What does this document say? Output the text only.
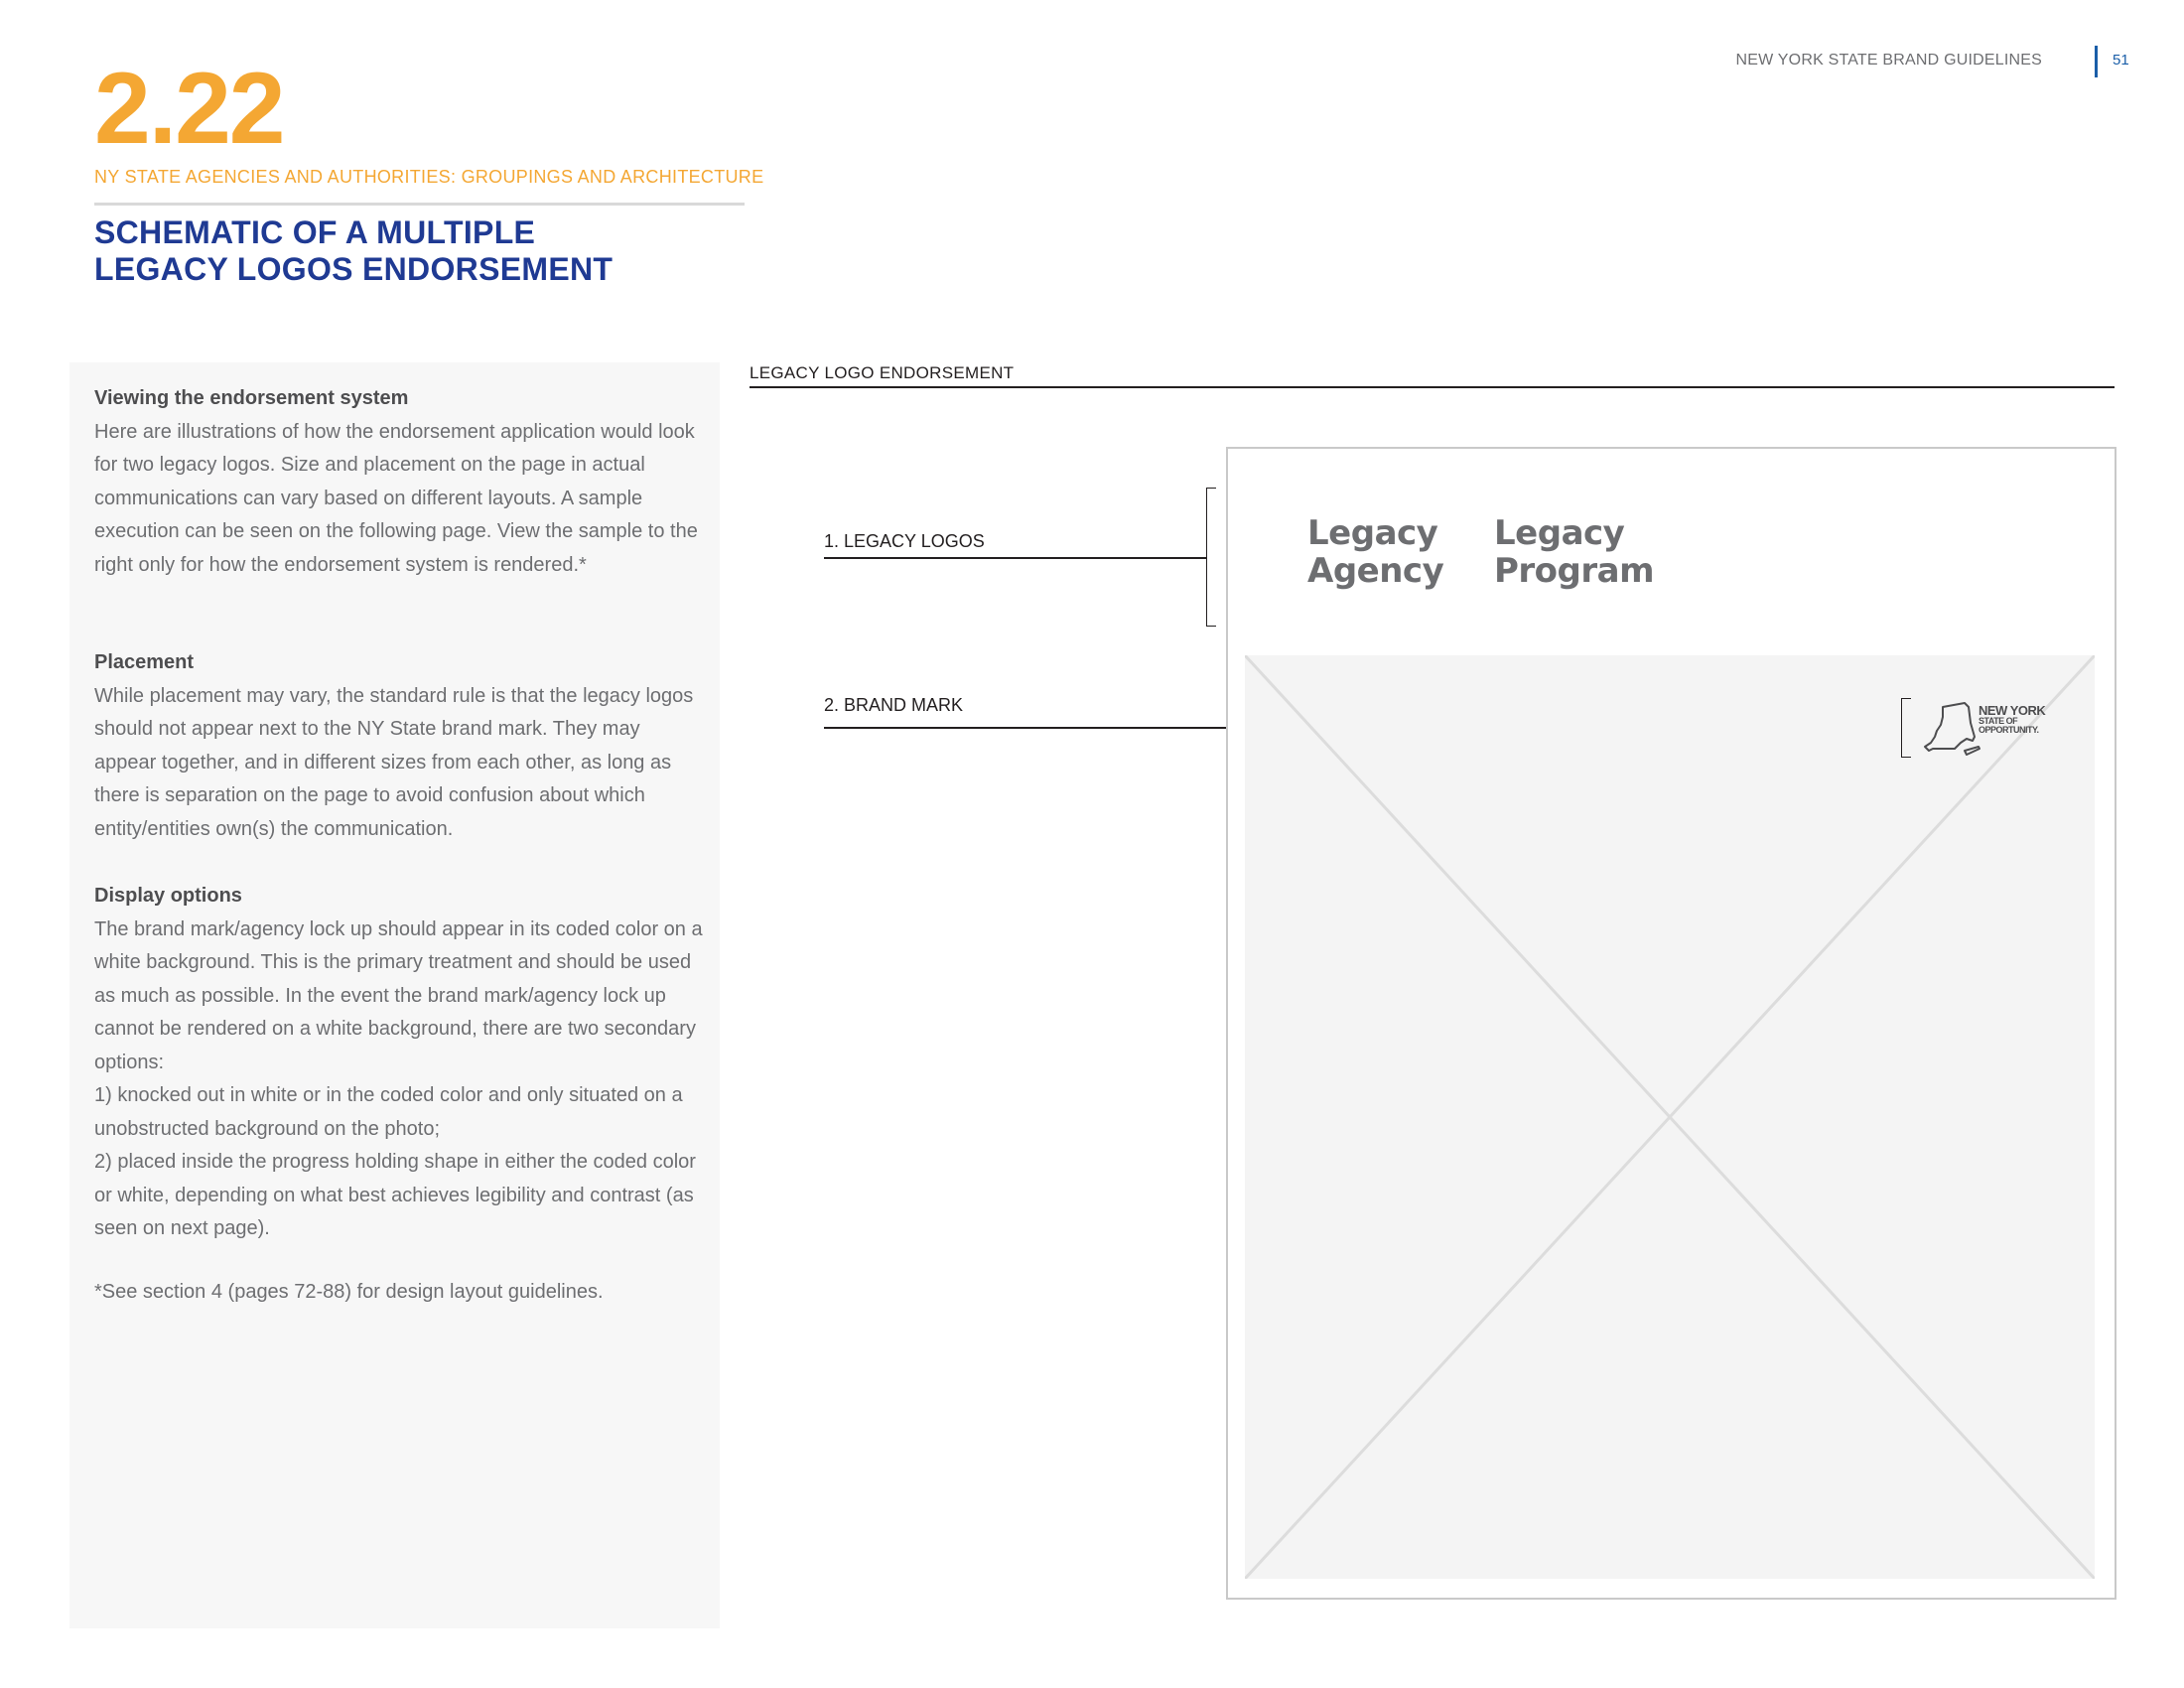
NEW YORK STATE BRAND GUIDELINES	51
2.22
NY STATE AGENCIES AND AUTHORITIES: GROUPINGS AND ARCHITECTURE
SCHEMATIC OF A MULTIPLE
LEGACY LOGOS ENDORSEMENT

Viewing the endorsement system

Here are illustrations of how the endorsement application would look for two legacy logos. Size and placement on the page in actual communications can vary based on different layouts. A sample execution can be seen on the following page. View the sample to the right only for how the endorsement system is rendered.*

Placement

While placement may vary, the standard rule is that the legacy logos should not appear next to the NY State brand mark. They may appear together, and in different sizes from each other, as long as there is separation on the page to avoid confusion about which entity/entities own(s) the communication.

Display options

The brand mark/agency lock up should appear in its coded color on a white background. This is the primary treatment and should be used as much as possible. In the event the brand mark/agency lock up cannot be rendered on a white background, there are two secondary options:

1) knocked out in white or in the coded color and only situated on a unobstructed background on the photo;

2) placed inside the progress holding shape in either the coded color or white, depending on what best achieves legibility and contrast (as seen on next page).

*See section 4 (pages 72-88) for design layout guidelines.
LEGACY LOGO ENDORSEMENT
1. LEGACY LOGOS
2. BRAND MARK
Legacy
Agency
Legacy
Program
NEW YORK
STATE OF
OPPORTUNITY.
